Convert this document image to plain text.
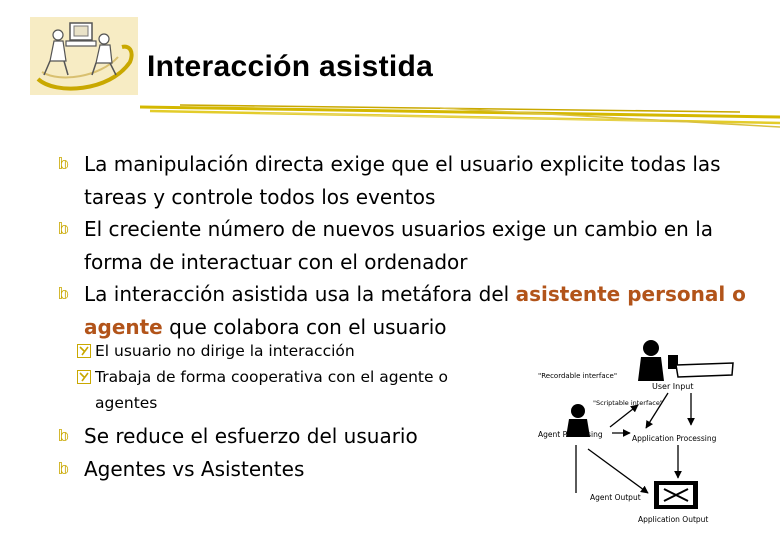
Interacción asistida
𝕓 La manipulación directa exige que el usuario explicite todas las tareas y controle todos los eventos
𝕓 El creciente número de nuevos usuarios exige un cambio en la forma de interactuar con el ordenador
𝕓 La interacción asistida usa la metáfora del asistente personal o agente que colabora con el usuario
El usuario no dirige la interacción
Trabaja de forma cooperativa con el agente o agentes
𝕓 Se reduce el esfuerzo del usuario
𝕓 Agentes vs Asistentes
"Recordable interface"
User Input
"Scriptable interface"
Agent Processing	Application Processing
Agent Output
Application Output
